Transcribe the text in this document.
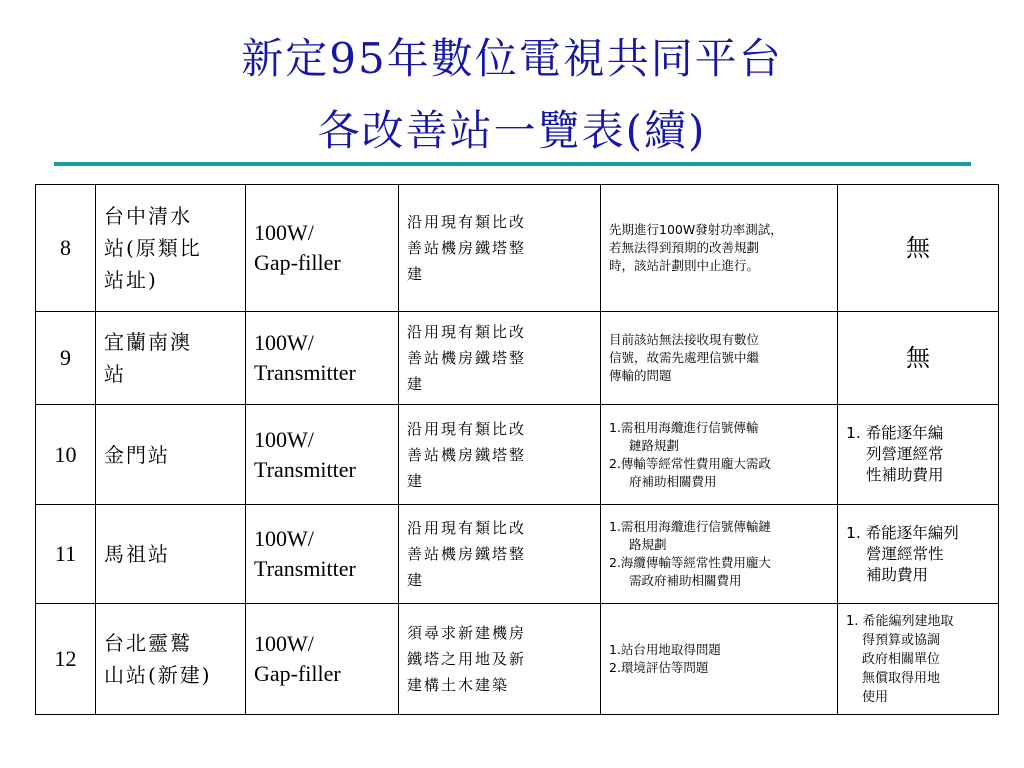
新定95年數位電視共同平台
各改善站一覽表(續)
8	台中清水
站(原類比
站址)	100W/
Gap-filler	沿用現有類比改
善站機房鐵塔整
建	先期進行100W發射功率測試，
若無法得到預期的改善規劃
時，該站計劃則中止進行。	無
9	宜蘭南澳
站	100W/
Transmitter	沿用現有類比改
善站機房鐵塔整
建	目前該站無法接收現有數位
信號，故需先處理信號中繼
傳輸的問題	無
10	金門站	100W/
Transmitter	沿用現有類比改
善站機房鐵塔整
建	1.需租用海纜進行信號傳輸
鏈路規劃
2.傳輸等經常性費用龐大需政
府補助相關費用	1. 希能逐年編
列營運經常
性補助費用

11	馬祖站	100W/
Transmitter	沿用現有類比改
善站機房鐵塔整
建	1.需租用海纜進行信號傳輸鏈
路規劃
2.海纜傳輸等經常性費用龐大
需政府補助相關費用	1. 希能逐年編列
營運經常性
補助費用

12	台北靈鷲
山站(新建)	100W/
Gap-filler	須尋求新建機房
鐵塔之用地及新
建構土木建築	1.站台用地取得問題
2.環境評估等問題	1. 希能編列建地取
得預算或協調
政府相關單位
無償取得用地
使用
